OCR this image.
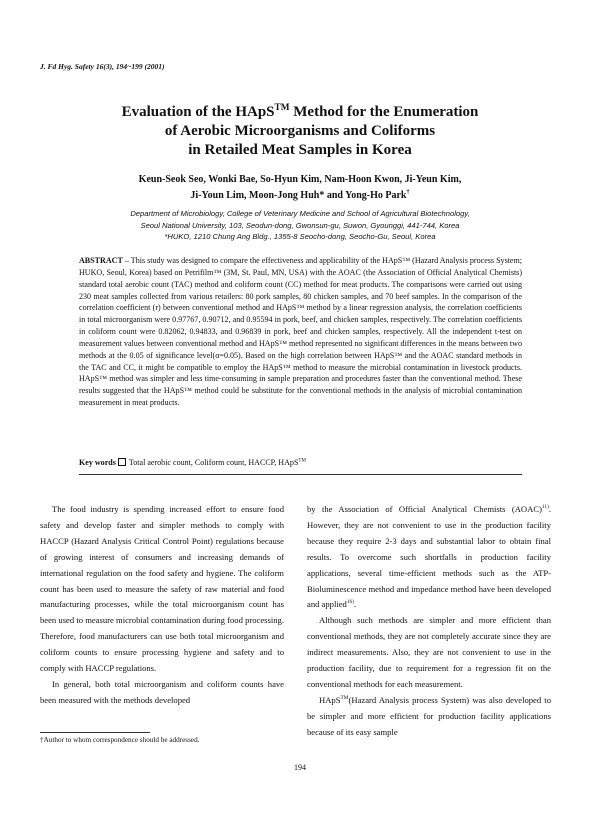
J. Fd Hyg. Safety 16(3), 194~199 (2001)
Evaluation of the HApS™ Method for the Enumeration
of Aerobic Microorganisms and Coliforms
in Retailed Meat Samples in Korea
Keun-Seok Seo, Wonki Bae, So-Hyun Kim, Nam-Hoon Kwon, Ji-Yeun Kim,
Ji-Youn Lim, Moon-Jong Huh* and Yong-Ho Park†
Department of Microbiology, College of Veterinary Medicine and School of Agricultural Biotechnology,
Seoul National University, 103, Seodun-dong, Gwonsun-gu, Suwon, Gyounggi, 441-744, Korea
*HUKO, 1210 Chung Ang Bldg., 1355-8 Seocho-dong, Seocho-Gu, Seoul, Korea
ABSTRACT – This study was designed to compare the effectiveness and applicability of the HApS™ (Hazard Analysis process System; HUKO, Seoul, Korea) based on Petrifilm™ (3M, St. Paul, MN, USA) with the AOAC (the Association of Official Analytical Chemists) standard total aerobic count (TAC) method and coliform count (CC) method for meat products. The comparisons were carried out using 230 meat samples collected from various retailers: 80 pork samples, 80 chicken samples, and 70 beef samples. In the comparison of the correlation coefficient (r) between conventional method and HApS™ method by a linear regression analysis, the correlation coefficients in total microorganism were 0.97767, 0.90712, and 0.95594 in pork, beef, and chicken samples, respectively. The correlation coefficients in coliform count were 0.82062, 0.94833, and 0.96839 in pork, beef and chicken samples, respectively. All the independent t-test on measurement values between conventional method and HApS™ method represented no significant differences in the means between two methods at the 0.05 of significance level(α=0.05). Based on the high correlation between HApS™ and the AOAC standard methods in the TAC and CC, it might be compatible to employ the HApS™ method to measure the microbial contamination in livestock products. HApS™ method was simpler and less time-consuming in sample preparation and procedures faster than the conventional method. These results suggested that the HApS™ method could be substitute for the conventional methods in the analysis of microbial contamination measurement in meat products.
Key words Total aerobic count, Coliform count, HACCP, HApS™

The food industry is spending increased effort to ensure food safety and develop faster and simpler methods to comply with HACCP (Hazard Analysis Critical Control Point) regulations because of growing interest of consumers and increasing demands of international regulation on the food safety and hygiene. The coliform count has been used to measure the safety of raw material and food manufacturing processes, while the total microorganism count has been used to measure microbial contamination during food processing. Therefore, food manufacturers can use both total microorganism and coliform counts to ensure processing hygiene and safety and to comply with HACCP regulations.

In general, both total microorganism and coliform counts have been measured with the methods developed

by the Association of Official Analytical Chemists (AOAC)$^{11)}$. However, they are not convenient to use in the production facility because they require 2-3 days and substantial labor to obtain final results. To overcome such shortfalls in production facility applications, several time-efficient methods such as the ATP-Bioluminescence method and impedance method have been developed and applied$^{16)}$.

Although such methods are simpler and more efficient than conventional methods, they are not completely accurate since they are indirect measurements. Also, they are not convenient to use in the production facility, due to requirement for a regression fit on the conventional methods for each measurement.

HApS™(Hazard Analysis process System) was also developed to be simpler and more efficient for production facility applications because of its easy sample

†Author to whom correspondence should be addressed.
194
